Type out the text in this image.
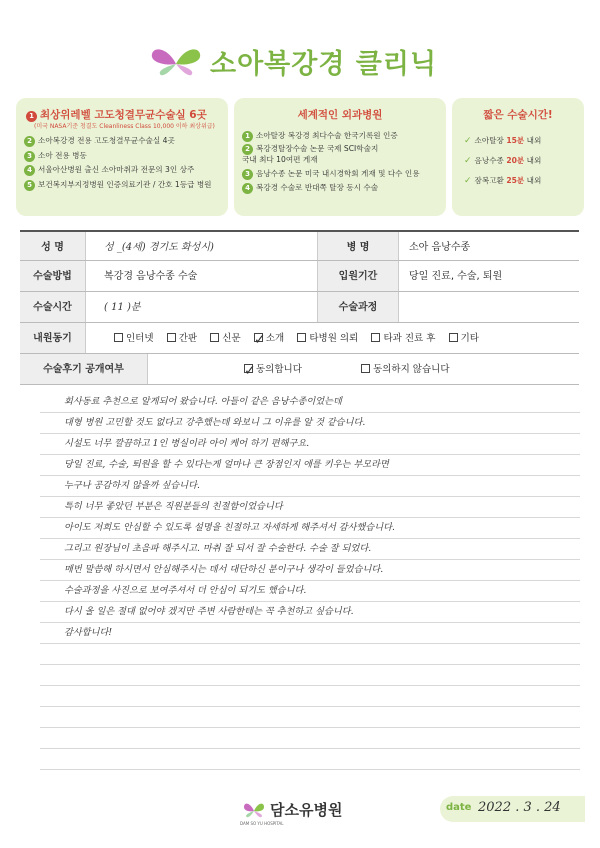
소아복강경 클리닉
1 최상위레벨 고도청결무균수술실 6곳
(미국 NASA기준 청결도 Cleanliness Class 10,000 이하 최상위급)
2 소아복강경 전용 고도청결무균수술실 4곳
3 소아 전용 병동
4 서울아산병원 출신 소아마취과 전문의 3인 상주
5 보건복지부지정병원 인증의료기관 / 간호 1등급 병원
세계적인 외과병원
1 소아탈장 복강경 최다수술 한국기록원 인증
2 복강경탈장수술 논문 국제 SCI학술지
국내 최다 10여편 게재
3 음낭수종 논문 미국 내시경학회 게재 및 다수 인용
4 복강경 수술로 반대쪽 탈장 동시 수술
짧은 수술시간!
✓ 소아탈장 15분 내외
✓ 음낭수종 20분 내외
✓ 잠복고환 25분 내외
성 명	성 _(4세) 경기도 화성시)	병 명	소아 음낭수종
수술방법	복강경 음낭수종 수술	입원기간	당일 진료, 수술, 퇴원
수술시간	( 11 )분	수술과정
내원동기	인터넷	간판	신문 ✓	소개	타병원 의뢰	타과 진료 후	기타
수술후기 공개여부 ✓	동의합니다	동의하지 않습니다
회사동료 추천으로 알게되어 왔습니다. 아들이 같은 음낭수종이었는데
대형 병원 고민할 것도 없다고 강추했는데 와보니 그 이유를 알 것 같습니다.
시설도 너무 깔끔하고 1인 병실이라 아이 케어 하기 편해구요.
당일 진료, 수술, 퇴원을 할 수 있다는게 얼마나 큰 장점인지 애를 키우는 부모라면
누구나 공감하지 않을까 싶습니다.
특히 너무 좋았던 부분은 직원분들의 친절함이었습니다
아이도 저희도 안심할 수 있도록 설명을 친절하고 자세하게 해주셔서 감사했습니다.
그리고 원장님이 초음파 해주시고. 마취 잘 되서 잘 수술한다. 수술 잘 되었다.
매번 말씀해 하시면서 안심해주시는 데서 대단하신 분이구나 생각이 들었습니다.
수술과정을 사진으로 보여주셔서 더 안심이 되기도 했습니다.
다시 올 일은 절대 없어야 겠지만 주변 사람한테는 꼭 추천하고 싶습니다.
감사합니다!
담소유병원
DAM SO YU HOSPITAL
date 2022 . 3 . 24
